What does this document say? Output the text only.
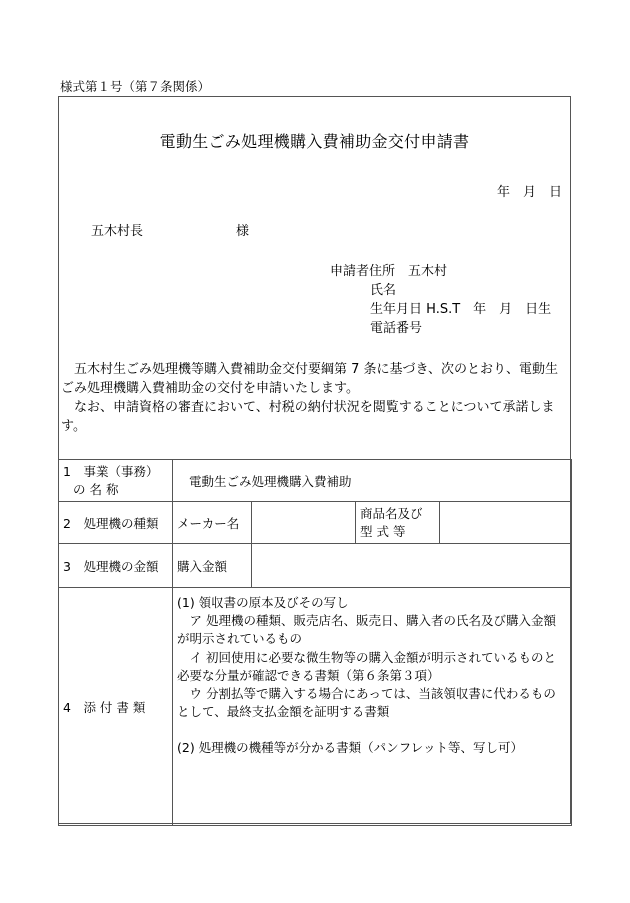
様式第１号（第７条関係）
電動生ごみ処理機購入費補助金交付申請書
年　月　日
五木村長	様
申請者住所　 五木村
氏名
生年月日 H.S.T　年　月　日生
電話番号

五木村生ごみ処理機等購入費補助金交付要綱第 7 条に基づき、次のとおり、電動生ごみ処理機購入費補助金の交付を申請いたします。

なお、申請資格の審査において、村税の納付状況を閲覧することについて承諾します。

1　事業（事務）
の 名 称	電動生ごみ処理機購入費補助			
2　処理機の種類	メーカー名		商品名及び
型 式 等	

3　処理機の金額	購入金額			
4　添 付 書 類	(1) 領収書の原本及びその写し
ア 処理機の種類、販売店名、販売日、購入者の氏名及び購入金額が明示されているもの
イ 初回使用に必要な微生物等の購入金額が明示されているものと必要な分量が確認できる書類（第６条第３項）
ウ 分割払等で購入する場合にあっては、当該領収書に代わるものとして、最終支払金額を証明する書類
(2) 処理機の機種等が分かる書類（パンフレット等、写し可）			
